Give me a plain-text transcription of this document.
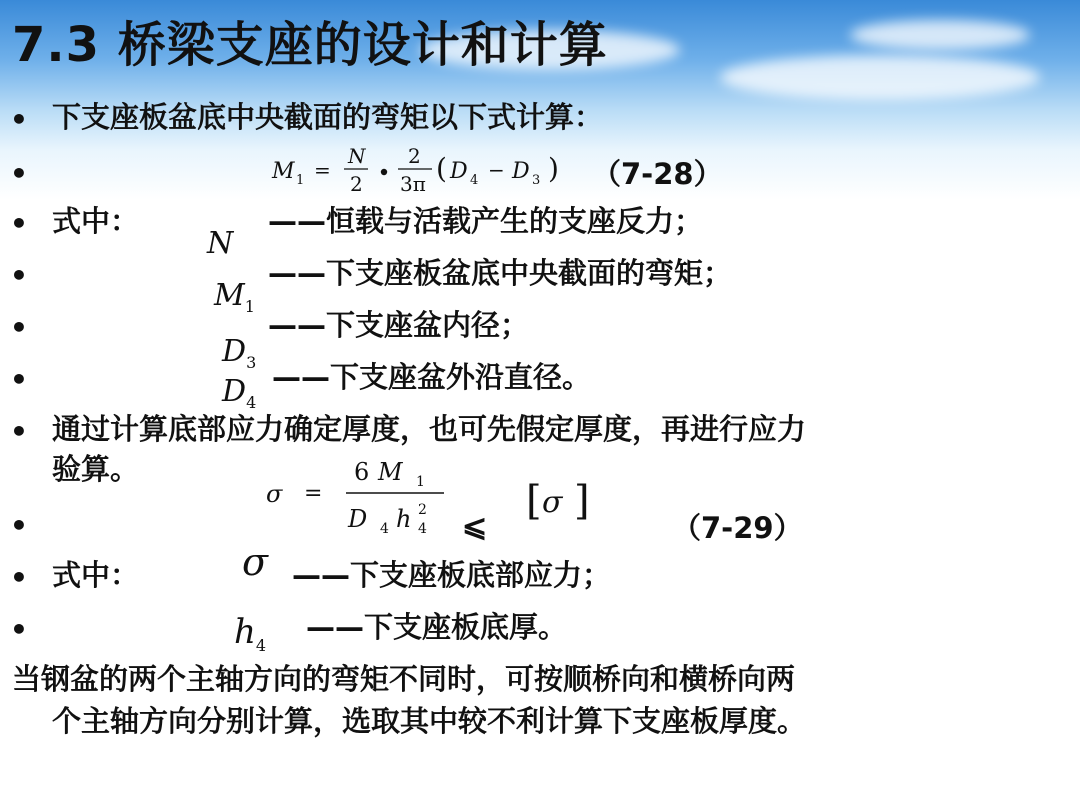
7.3 桥梁支座的设计和计算
•
•
•
•
•
•
•
•
•
•
下支座板盆底中央截面的弯矩以下式计算：
M 1 =
N
2
2
3π ( D 4 − D 3 ) （7-28）
式中：	——恒载与活载产生的支座反力；
N
——下支座板盆底中央截面的弯矩；
$M_1$
——下支座盆内径；
$D_3$ ——下支座盆外沿直径。
$D_4$
通过计算底部应力确定厚度，也可先假定厚度，再进行应力
验算。
σ =
6 M 1
D 4 h 2
4 ⩽
[ σ ]
（7-29）
式中：	σ ——下支座板底部应力；
$h_4$
——下支座板底厚。
当钢盆的两个主轴方向的弯矩不同时，可按顺桥向和横桥向两
个主轴方向分别计算，选取其中较不利计算下支座板厚度。
